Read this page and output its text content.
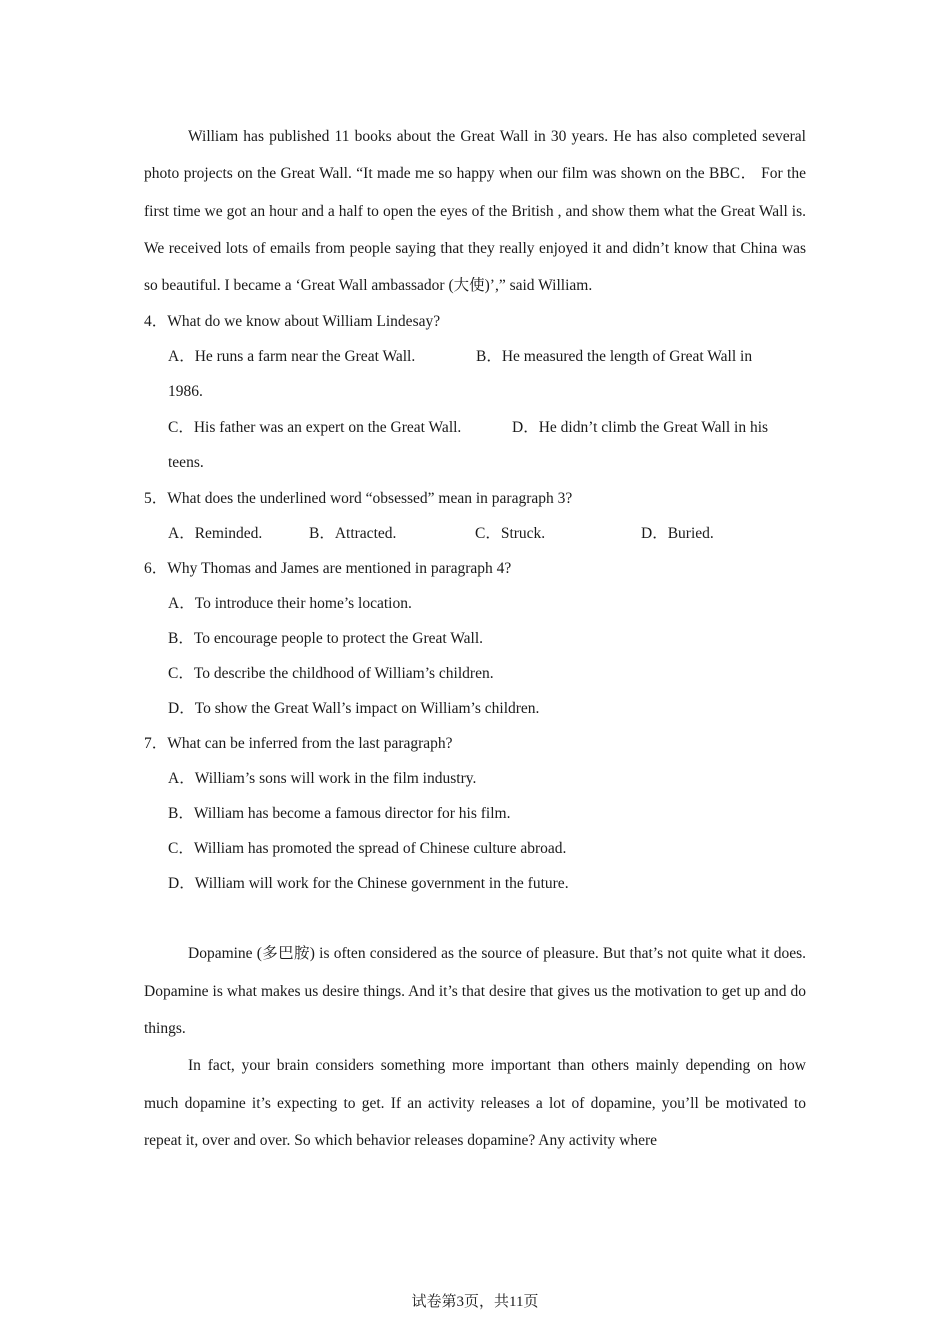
William has published 11 books about the Great Wall in 30 years. He has also completed several photo projects on the Great Wall. “It made me so happy when our film was shown on the BBC． For the first time we got an hour and a half to open the eyes of the British , and show them what the Great Wall is. We received lots of emails from people saying that they really enjoyed it and didn’t know that China was so beautiful. I became a ‘Great Wall ambassador (大使)’,” said William.

4．What do we know about William Lindesay?

A．He runs a farm near the Great Wall.	B．He measured the length of Great Wall in

1986.

C．His father was an expert on the Great Wall.	D．He didn’t climb the Great Wall in his

teens.

5．What does the underlined word “obsessed” mean in paragraph 3?

A．Reminded.	B．Attracted.	C．Struck.	D．Buried.

6．Why Thomas and James are mentioned in paragraph 4?

A．To introduce their home’s location.

B．To encourage people to protect the Great Wall.

C．To describe the childhood of William’s children.

D．To show the Great Wall’s impact on William’s children.

7．What can be inferred from the last paragraph?

A．William’s sons will work in the film industry.

B．William has become a famous director for his film.

C．William has promoted the spread of Chinese culture abroad.

D．William will work for the Chinese government in the future.

Dopamine (多巴胺) is often considered as the source of pleasure. But that’s not quite what it does. Dopamine is what makes us desire things. And it’s that desire that gives us the motivation to get up and do things.

In fact, your brain considers something more important than others mainly depending on how much dopamine it’s expecting to get. If an activity releases a lot of dopamine, you’ll be motivated to repeat it, over and over. So which behavior releases dopamine? Any activity where

试卷第3页，共11页
